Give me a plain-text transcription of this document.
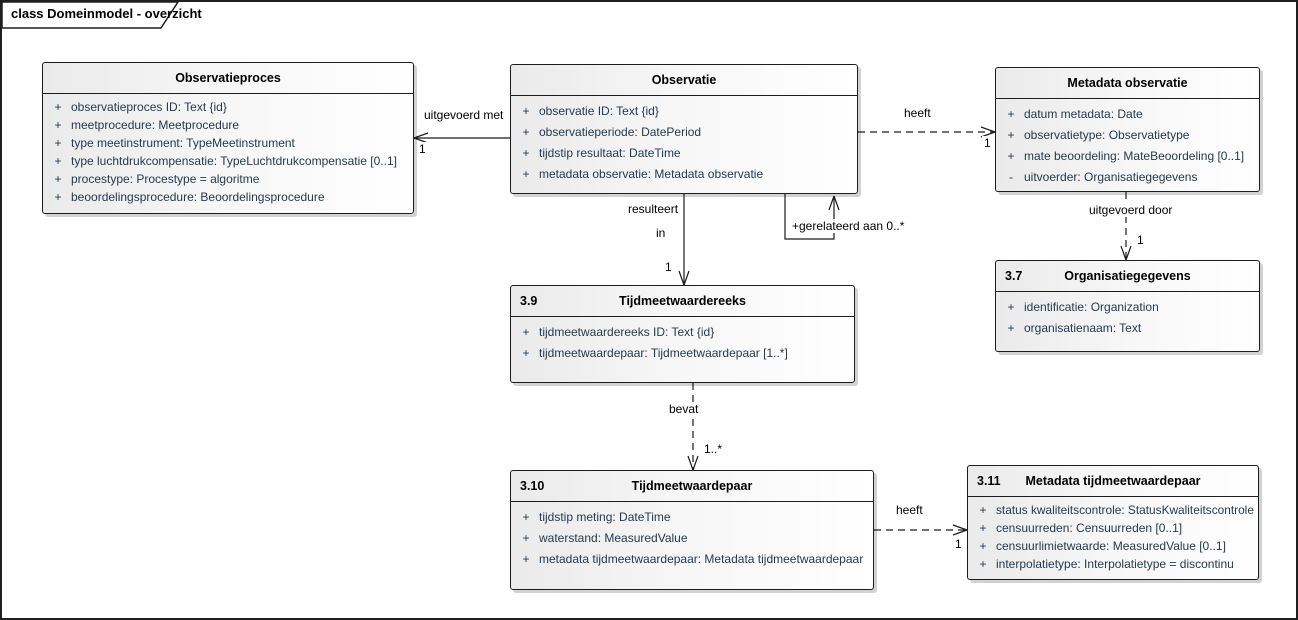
Observatieproces
+ observatieproces ID: Text {id}
+ meetprocedure: Meetprocedure
+ type meetinstrument: TypeMeetinstrument
+ type luchtdrukcompensatie: TypeLuchtdrukcompensatie [0..1]
+ procestype: Procestype = algoritme
+ beoordelingsprocedure: Beoordelingsprocedure
Observatie
+ observatie ID: Text {id}
+ observatieperiode: DatePeriod
+ tijdstip resultaat: DateTime
+ metadata observatie: Metadata observatie
Metadata observatie
+ datum metadata: Date
+ observatietype: Observatietype
+ mate beoordeling: MateBeoordeling [0..1]
- uitvoerder: Organisatiegegevens
3.7	Organisatiegegevens
+ identificatie: Organization
+ organisatienaam: Text
3.9	Tijdmeetwaardereeks
+ tijdmeetwaardereeks ID: Text {id}
+ tijdmeetwaardepaar: Tijdmeetwaardepaar [1..*]
3.10	Tijdmeetwaardepaar
+ tijdstip meting: DateTime
+ waterstand: MeasuredValue
+ metadata tijdmeetwaardepaar: Metadata tijdmeetwaardepaar
3.11 Metadata tijdmeetwaardepaar
+ status kwaliteitscontrole: StatusKwaliteitscontrole
+ censuurreden: Censuurreden [0..1]
+ censuurlimietwaarde: MeasuredValue [0..1]
+ interpolatietype: Interpolatietype = discontinu
uitgevoerd met
1
heeft
1
resulteert
in
1
+gerelateerd aan 0..*
uitgevoerd door
1
bevat
1..*
heeft
1
class Domeinmodel - overzicht
